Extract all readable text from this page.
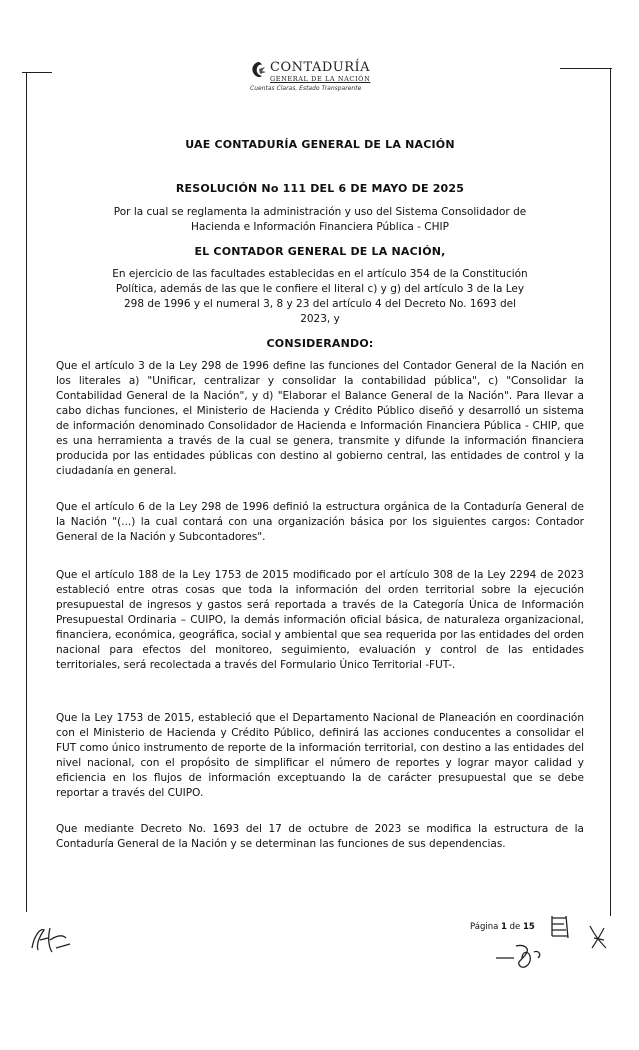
CONTADURÍA
GENERAL DE LA NACIÓN
Cuentas Claras, Estado Transparente
UAE CONTADURÍA GENERAL DE LA NACIÓN
RESOLUCIÓN No 111 DEL 6 DE MAYO DE 2025
Por la cual se reglamenta la administración y uso del Sistema Consolidador de
Hacienda e Información Financiera Pública - CHIP
EL CONTADOR GENERAL DE LA NACIÓN,
En ejercicio de las facultades establecidas en el artículo 354 de la Constitución
Política, además de las que le confiere el literal c) y g) del artículo 3 de la Ley
298 de 1996 y el numeral 3, 8 y 23 del artículo 4 del Decreto No. 1693 del
2023, y
CONSIDERANDO:
Que el artículo 3 de la Ley 298 de 1996 define las funciones del Contador General de la Nación en los literales a) "Unificar, centralizar y consolidar la contabilidad pública", c) "Consolidar la Contabilidad General de la Nación", y d) "Elaborar el Balance General de la Nación". Para llevar a cabo dichas funciones, el Ministerio de Hacienda y Crédito Público diseñó y desarrolló un sistema de información denominado Consolidador de Hacienda e Información Financiera Pública - CHIP, que es una herramienta a través de la cual se genera, transmite y difunde la información financiera producida por las entidades públicas con destino al gobierno central, las entidades de control y la ciudadanía en general.
Que el artículo 6 de la Ley 298 de 1996 definió la estructura orgánica de la Contaduría General de la Nación "(...) la cual contará con una organización básica por los siguientes cargos: Contador General de la Nación y Subcontadores".
Que el artículo 188 de la Ley 1753 de 2015 modificado por el artículo 308 de la Ley 2294 de 2023 estableció entre otras cosas que toda la información del orden territorial sobre la ejecución presupuestal de ingresos y gastos será reportada a través de la Categoría Única de Información Presupuestal Ordinaria – CUIPO, la demás información oficial básica, de naturaleza organizacional, financiera, económica, geográfica, social y ambiental que sea requerida por las entidades del orden nacional para efectos del monitoreo, seguimiento, evaluación y control de las entidades territoriales, será recolectada a través del Formulario Único Territorial -FUT-.
Que la Ley 1753 de 2015, estableció que el Departamento Nacional de Planeación en coordinación con el Ministerio de Hacienda y Crédito Público, definirá las acciones conducentes a consolidar el FUT como único instrumento de reporte de la información territorial, con destino a las entidades del nivel nacional, con el propósito de simplificar el número de reportes y lograr mayor calidad y eficiencia en los flujos de información exceptuando la de carácter presupuestal que se debe reportar a través del CUIPO.
Que mediante Decreto No. 1693 del 17 de octubre de 2023 se modifica la estructura de la Contaduría General de la Nación y se determinan las funciones de sus dependencias.
Página 1 de 15
